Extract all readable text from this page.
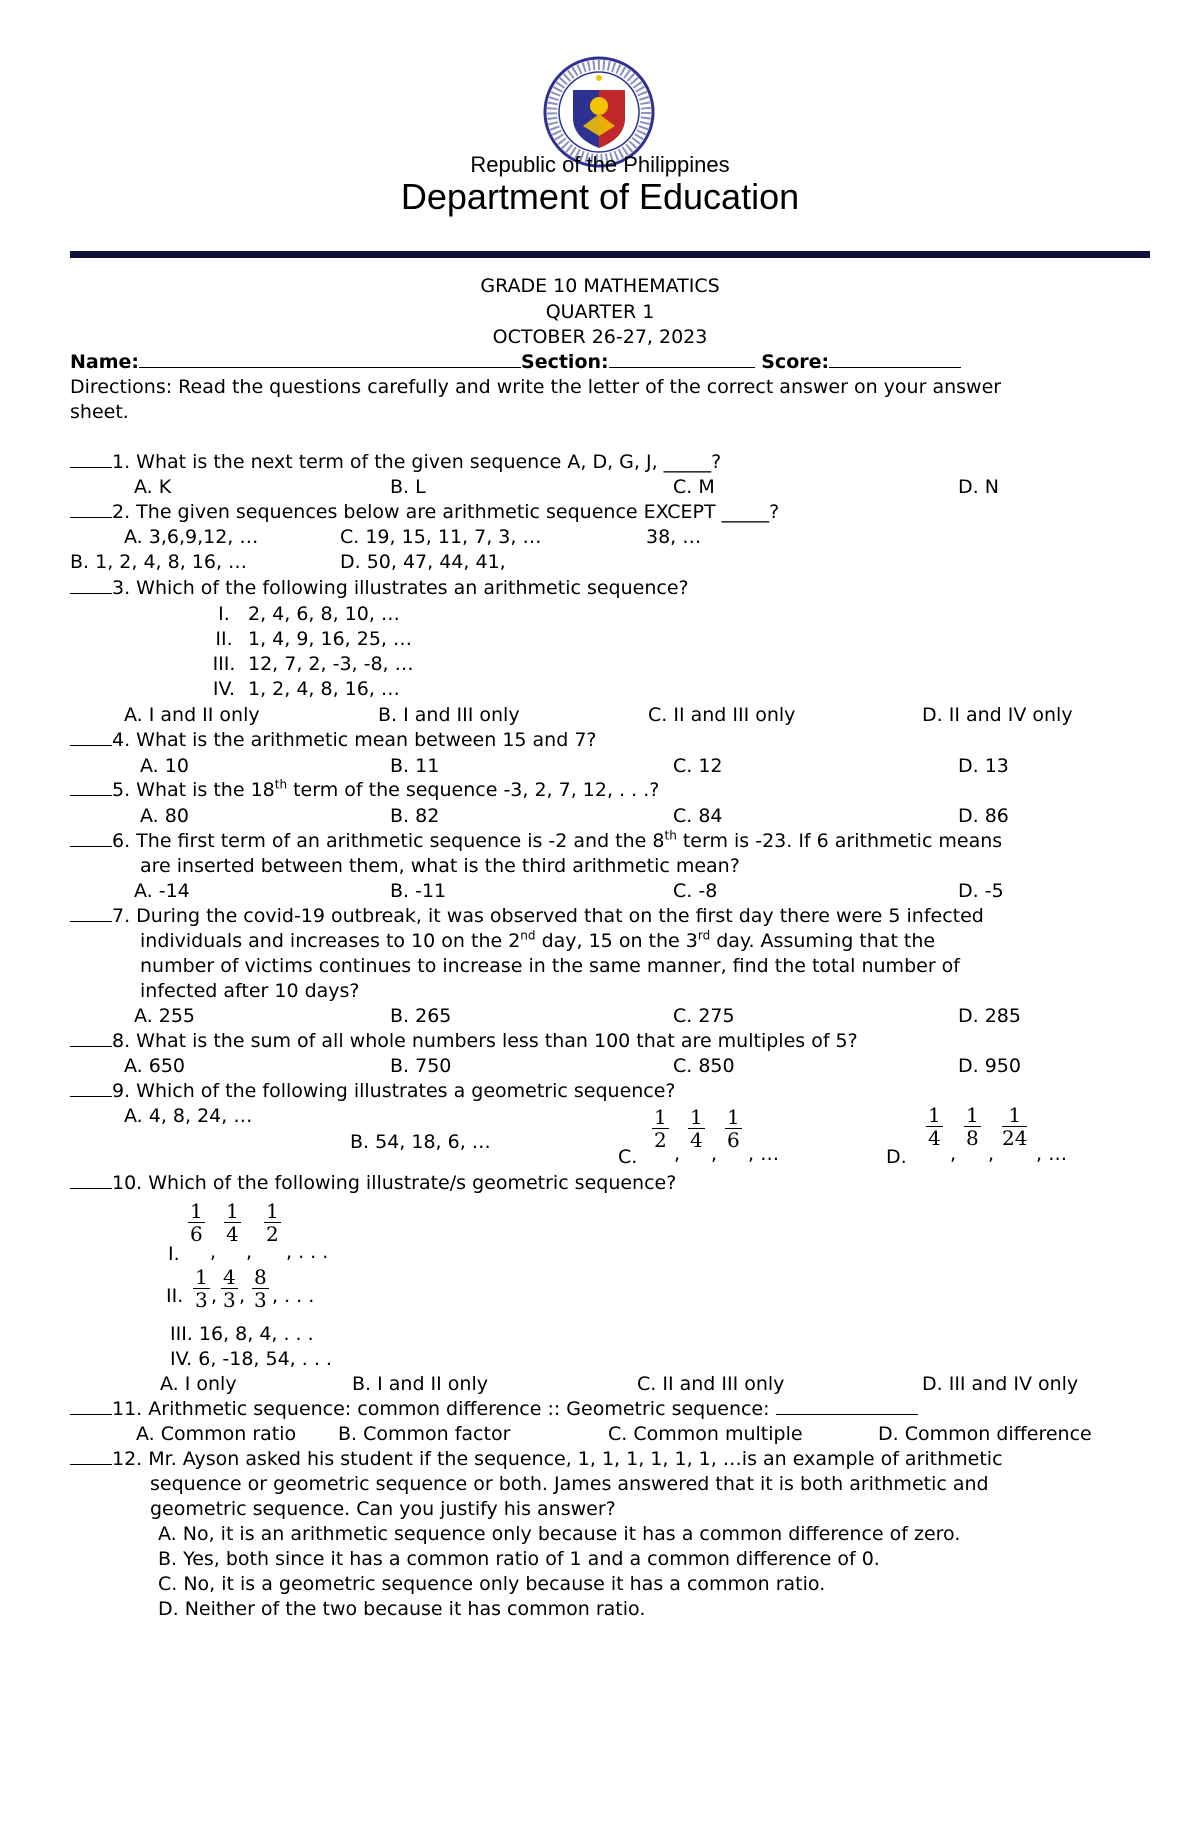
Republic of the Philippines
Department of Education
GRADE 10 MATHEMATICS
QUARTER 1
OCTOBER 26-27, 2023
Name:	Section:	Score:
Directions: Read the questions carefully and write the letter of the correct answer on your answer
sheet.
1. What is the next term of the given sequence A, D, G, J, _____?
A. K	B. L	C. M	D. N
2. The given sequences below are arithmetic sequence EXCEPT _____?
A. 3,6,9,12, …	C. 19, 15, 11, 7, 3, …	38, …
B. 1, 2, 4, 8, 16, …	D. 50, 47, 44, 41,
3. Which of the following illustrates an arithmetic sequence?
I. 2, 4, 6, 8, 10, …
II. 1, 4, 9, 16, 25, …
III. 12, 7, 2, -3, -8, …
IV. 1, 2, 4, 8, 16, …
A. I and II only	B. I and III only	C. II and III only	D. II and IV only
4. What is the arithmetic mean between 15 and 7?
A. 10	B. 11	C. 12	D. 13
5. What is the 18th term of the sequence -3, 2, 7, 12, . . .?
A. 80	B. 82	C. 84	D. 86
6. The first term of an arithmetic sequence is -2 and the 8th term is -23. If 6 arithmetic means
are inserted between them, what is the third arithmetic mean?
A. -14	B. -11	C. -8	D. -5
7. During the covid-19 outbreak, it was observed that on the first day there were 5 infected
individuals and increases to 10 on the 2nd day, 15 on the 3rd day. Assuming that the
number of victims continues to increase in the same manner, find the total number of
infected after 10 days?
A. 255	B. 265	C. 275	D. 285
8. What is the sum of all whole numbers less than 100 that are multiples of 5?
A. 650	B. 750	C. 850	D. 950
9. Which of the following illustrates a geometric sequence?
A. 4, 8, 24, …
B. 54, 18, 6, …
C.
$\frac{1}{2}$
,
$\frac{1}{4}$
,
$\frac{1}{6}$
, …	D.
$\frac{1}{4}$
,
$\frac{1}{8}$
,
$\frac{1}{24}$
, …
10. Which of the following illustrate/s geometric sequence?
I.
$\frac{1}{6}$
,
$\frac{1}{4}$
,
$\frac{1}{2}$
, . . .
II. $\frac{1}{3}$ , $\frac{4}{3}$ , $\frac{8}{3}$ , . . .
III. 16, 8, 4, . . .
IV. 6, -18, 54, . . .
A. I only	B. I and II only	C. II and III only	D. III and IV only
11. Arithmetic sequence: common difference :: Geometric sequence:
A. Common ratio B. Common factor	C. Common multiple	D. Common difference
12. Mr. Ayson asked his student if the sequence, 1, 1, 1, 1, 1, 1, …is an example of arithmetic
sequence or geometric sequence or both. James answered that it is both arithmetic and
geometric sequence. Can you justify his answer?
A. No, it is an arithmetic sequence only because it has a common difference of zero.
B. Yes, both since it has a common ratio of 1 and a common difference of 0.
C. No, it is a geometric sequence only because it has a common ratio.
D. Neither of the two because it has common ratio.
